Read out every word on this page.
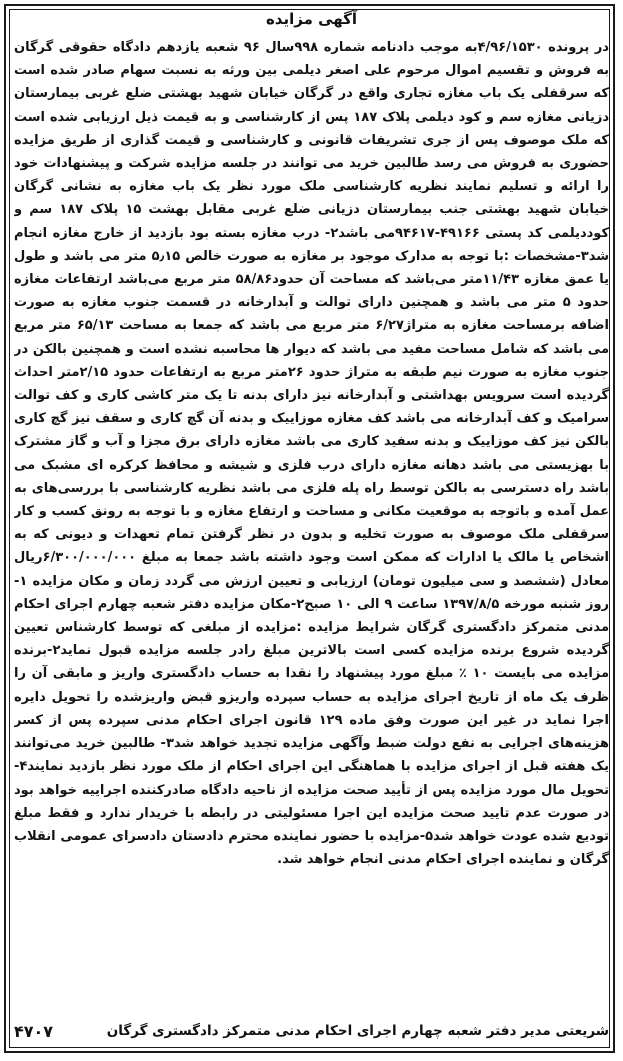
آگهی مزایده
در پرونده ۴/۹۶/۱۵۳۰به موجب دادنامه شماره ۹۹۸سال ۹۶ شعبه یازدهم دادگاه حقوقی گرگان به فروش و تقسیم اموال مرحوم علی اصغر دیلمی بین ورثه به نسبت سهام صادر شده است که سرقفلی یک باب مغازه تجاری واقع در گرگان خیابان شهید بهشتی ضلع غربی بیمارستان دزیانی مغازه سم و کود دیلمی پلاک ۱۸۷ پس از کارشناسی و به قیمت ذیل ارزیابی شده است که ملک موصوف پس از جری تشریفات قانونی و کارشناسی و قیمت گذاری از طریق مزایده حضوری به فروش می رسد طالبین خرید می توانند در جلسه مزایده شرکت و پیشنهادات خود را ارائه و تسلیم نمایند نظریه کارشناسی ملک مورد نظر یک باب مغازه به نشانی گرگان خیابان شهید بهشتی جنب بیمارستان دزیانی ضلع غربی مقابل بهشت ۱۵ پلاک ۱۸۷ سم و کوددیلمی کد پستی ۴۹۱۶۶-۹۴۶۱۷می باشد۲- درب مغازه بسته بود بازدید از خارج مغازه انجام شد۳-مشخصات :با توجه به مدارک موجود بر مغازه به صورت خالص ۵٫۱۵ متر می باشد و طول یا عمق مغازه ۱۱/۴۳متر می‌باشد که مساحت آن حدود۵۸/۸۶ متر مربع می‌باشد ارتفاعات مغازه حدود ۵ متر می باشد و همچنین دارای توالت و آبدارخانه در قسمت جنوب مغازه به صورت اضافه برمساحت مغازه به متراژ۶/۲۷ متر مربع می باشد که جمعا به مساحت ۶۵/۱۳ متر مربع می باشد که شامل مساحت مفید می باشد که دیوار ها محاسبه نشده است و همچنین بالکن در جنوب مغازه به صورت نیم طبقه به متراژ حدود ۲۶متر مربع به ارتفاعات حدود ۲/۱۵متر احداث گردیده است سرویس بهداشتی و آبدارخانه نیز دارای بدنه تا یک متر کاشی کاری و کف توالت سرامیک و کف آبدارخانه می باشد کف مغازه موزاییک و بدنه آن گچ کاری و سقف نیز گچ کاری بالکن نیز کف موزاییک و بدنه سفید کاری می باشد مغازه دارای برق مجزا و آب و گاز مشترک با بهزیستی می باشد دهانه مغازه دارای درب فلزی و شیشه و محافظ کرکره ای مشبک می باشد راه دسترسی به بالکن توسط راه پله فلزی می باشد نظریه کارشناسی با بررسی‌های به عمل آمده و باتوجه به موقعیت مکانی و مساحت و ارتفاع مغازه و با توجه به رونق کسب و کار سرقفلی ملک موصوف به صورت تخلیه و بدون در نظر گرفتن تمام تعهدات و دیونی که به اشخاص یا مالک یا ادارات که ممکن است وجود داشته باشد جمعا به مبلغ ۶/۳۰۰/۰۰۰/۰۰۰ریال معادل (ششصد و سی میلیون تومان) ارزیابی و تعیین ارزش می گردد زمان و مکان مزایده ۱-روز شنبه مورخه ۱۳۹۷/۸/۵ ساعت ۹ الی ۱۰ صبح۲-مکان مزایده دفتر شعبه چهارم اجرای احکام مدنی متمرکز دادگستری گرگان شرایط مزایده :مزایده از مبلغی که توسط کارشناس تعیین گردیده شروع برنده مزایده کسی است بالاترین مبلغ رادر جلسه مزایده قبول نماید۲-برنده مزایده می بایست ۱۰ ٪ مبلغ مورد پیشنهاد را نقدا به حساب دادگستری واریز و مابقی آن را ظرف یک ماه از تاریخ اجرای مزایده به حساب سپرده واریزو قبض واریزشده را تحویل دایره اجرا نماید در غیر این صورت وفق ماده ۱۲۹ قانون اجرای احکام مدنی سپرده پس از کسر هزینه‌های اجرایی به نفع دولت ضبط وآگهی مزایده تجدید خواهد شد۳- طالبین خرید می‌توانند یک هفته قبل از اجرای مزایده با هماهنگی این اجرای احکام از ملک مورد نظر بازدید نمایند۴- تحویل مال مورد مزایده پس از تأیید صحت مزایده از ناحیه دادگاه صادرکننده اجراییه خواهد بود در صورت عدم تایید صحت مزایده این اجرا مسئولیتی در رابطه با خریدار ندارد و فقط مبلغ تودیع شده عودت خواهد شد۵-مزایده با حضور نماینده محترم دادستان دادسرای عمومی انقلاب گرگان و نماینده اجرای احکام مدنی انجام خواهد شد.
شریعتی مدیر دفتر شعبه چهارم اجرای احکام مدنی متمرکز دادگستری گرگان
۴۷۰۷
